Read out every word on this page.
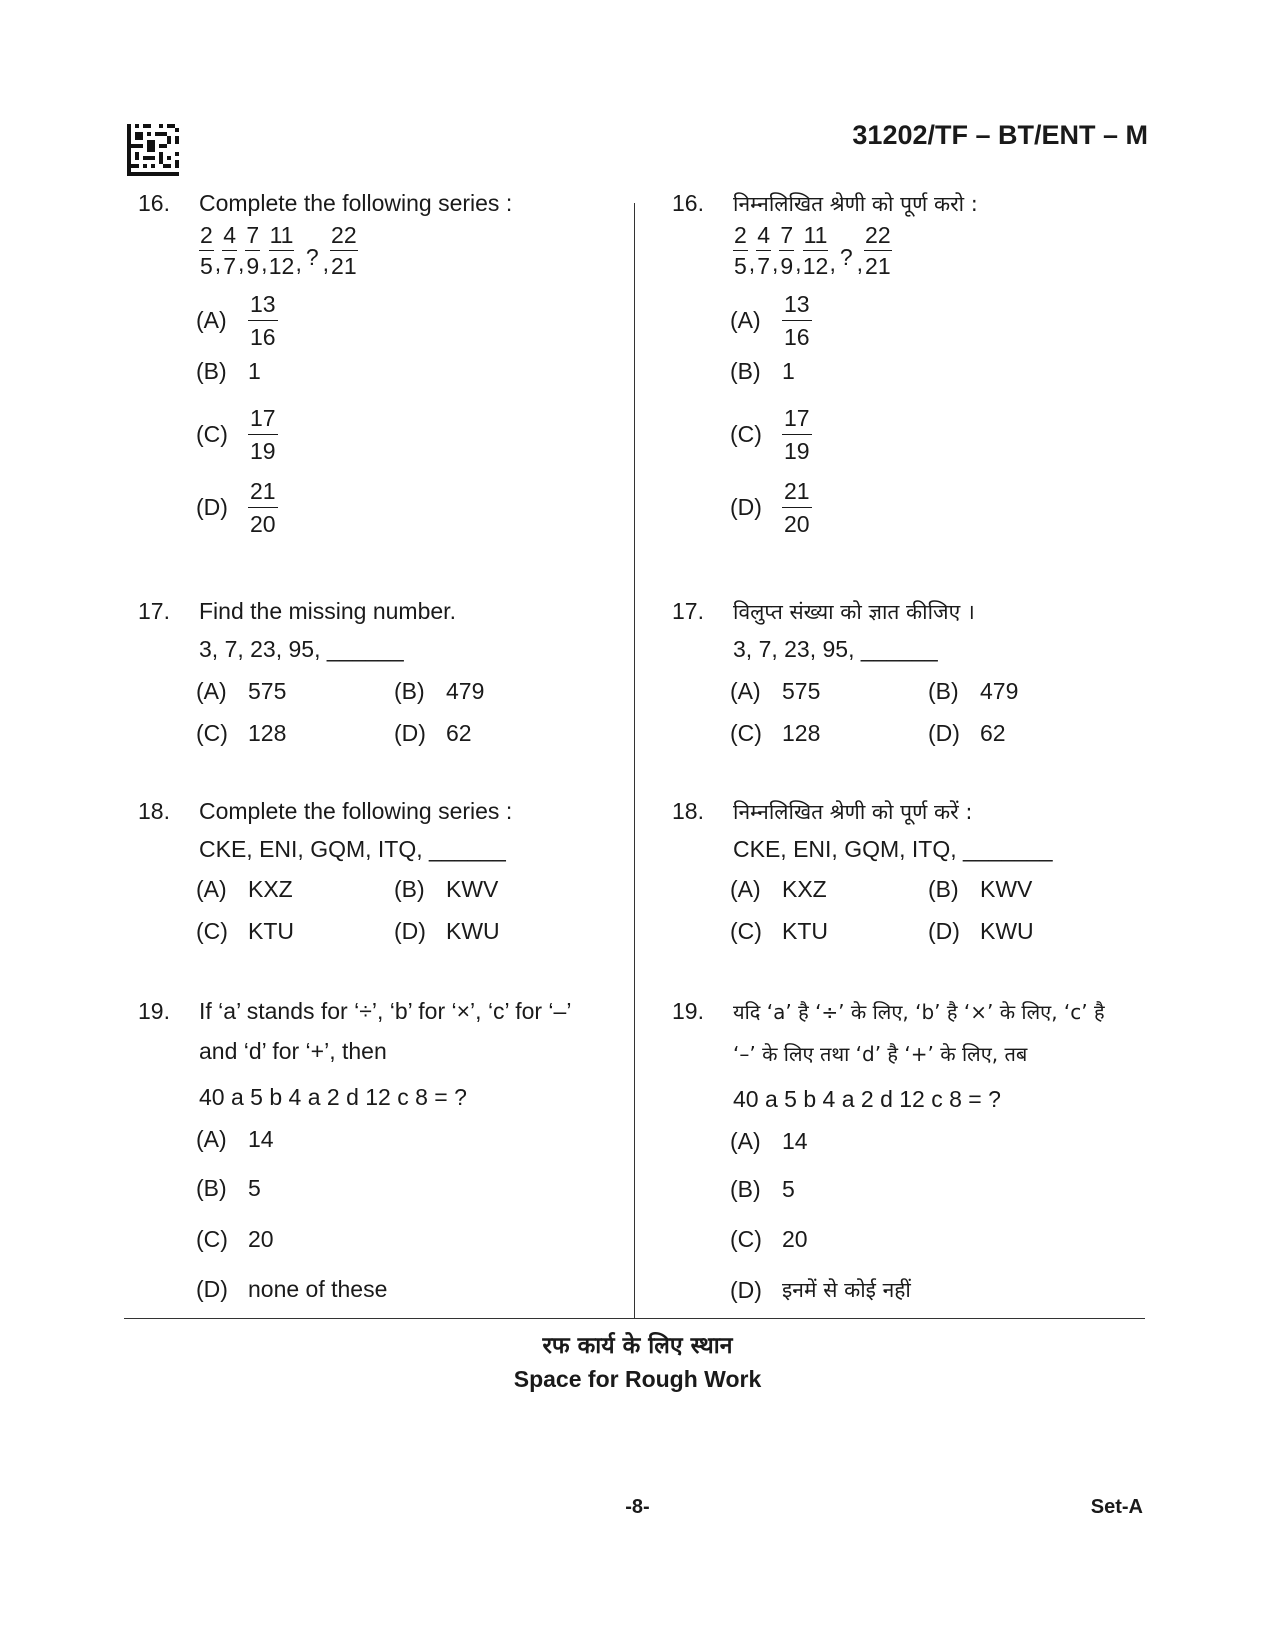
31202/TF – BT/ENT – M
16. Complete the following series :
$\frac{2}{5}$ , $\frac{4}{7}$ , $\frac{7}{9}$ , $\frac{11}{12}$ , ? , $\frac{22}{21}$
(A)
13
16
(B) 1
(C)
17
19
(D)
21
20
17. Find the missing number.
3, 7, 23, 95, ______
(A) 575	(B) 479
(C) 128	(D) 62
18. Complete the following series :
CKE, ENI, GQM, ITQ, ______
(A) KXZ	(B) KWV
(C) KTU	(D) KWU
19. If ‘a’ stands for ‘÷’, ‘b’ for ‘×’, ‘c’ for ‘–’
and ‘d’ for ‘+’, then
40 a 5 b 4 a 2 d 12 c 8 = ?
(A) 14
(B) 5
(C) 20
(D) none of these
16. निम्नलिखित श्रेणी को पूर्ण करो :
$\frac{2}{5}$ , $\frac{4}{7}$ , $\frac{7}{9}$ , $\frac{11}{12}$ , ? , $\frac{22}{21}$
(A)
13
16
(B) 1
(C)
17
19
(D)
21
20
17. विलुप्त संख्या को ज्ञात कीजिए ।
3, 7, 23, 95, ______
(A) 575	(B) 479
(C) 128	(D) 62
18. निम्नलिखित श्रेणी को पूर्ण करें :
CKE, ENI, GQM, ITQ, _______
(A) KXZ	(B) KWV
(C) KTU	(D) KWU
19. यदि ‘a’ है ‘÷’ के लिए, ‘b’ है ‘×’ के लिए, ‘c’ है
‘–’ के लिए तथा ‘d’ है ‘+’ के लिए, तब
40 a 5 b 4 a 2 d 12 c 8 = ?
(A) 14
(B) 5
(C) 20
(D) इनमें से कोई नहीं
रफ कार्य के लिए स्थान
Space for Rough Work
-8-	Set-A
